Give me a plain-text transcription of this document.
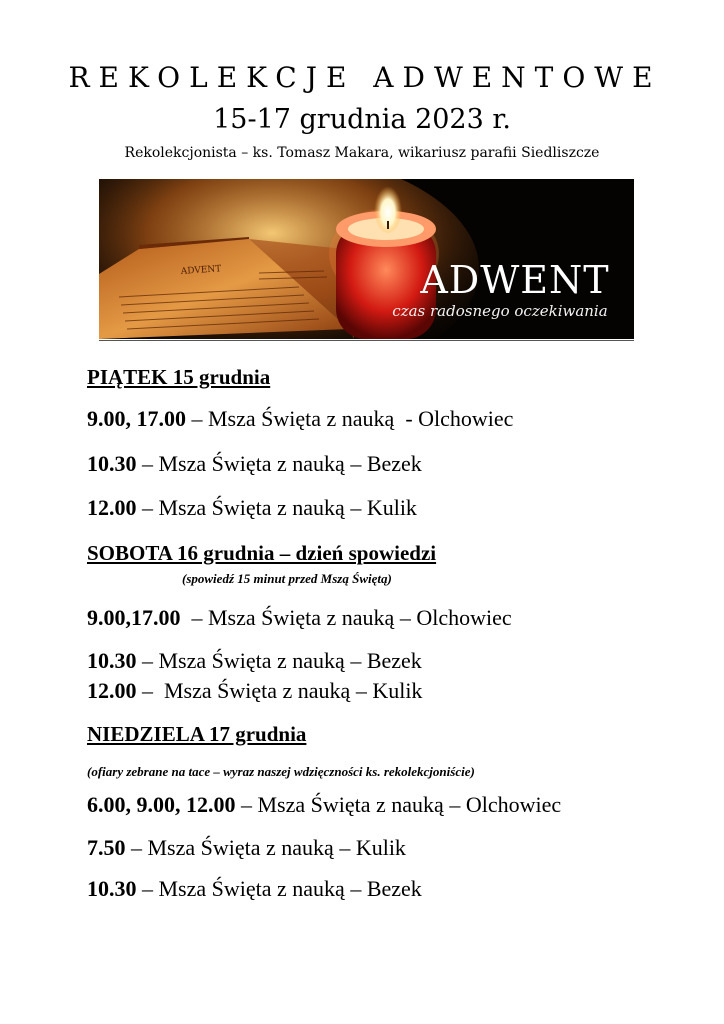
REKOLEKCJE ADWENTOWE
15-17 grudnia 2023 r.
Rekolekcjonista – ks. Tomasz Makara, wikariusz parafii Siedliszcze
ADVENT	ADWENT
czas radosnego oczekiwania
PIĄTEK 15 grudnia
9.00, 17.00 – Msza Święta z nauką  - Olchowiec
10.30 – Msza Święta z nauką – Bezek
12.00 – Msza Święta z nauką – Kulik
SOBOTA 16 grudnia – dzień spowiedzi
(spowiedź 15 minut przed Mszą Świętą)
9.00,17.00  – Msza Święta z nauką – Olchowiec
10.30 – Msza Święta z nauką – Bezek
12.00 –  Msza Święta z nauką – Kulik
NIEDZIELA 17 grudnia
(ofiary zebrane na tace – wyraz naszej wdzięczności ks. rekolekcjoniście)
6.00, 9.00, 12.00 – Msza Święta z nauką – Olchowiec
7.50 – Msza Święta z nauką – Kulik
10.30 – Msza Święta z nauką – Bezek
